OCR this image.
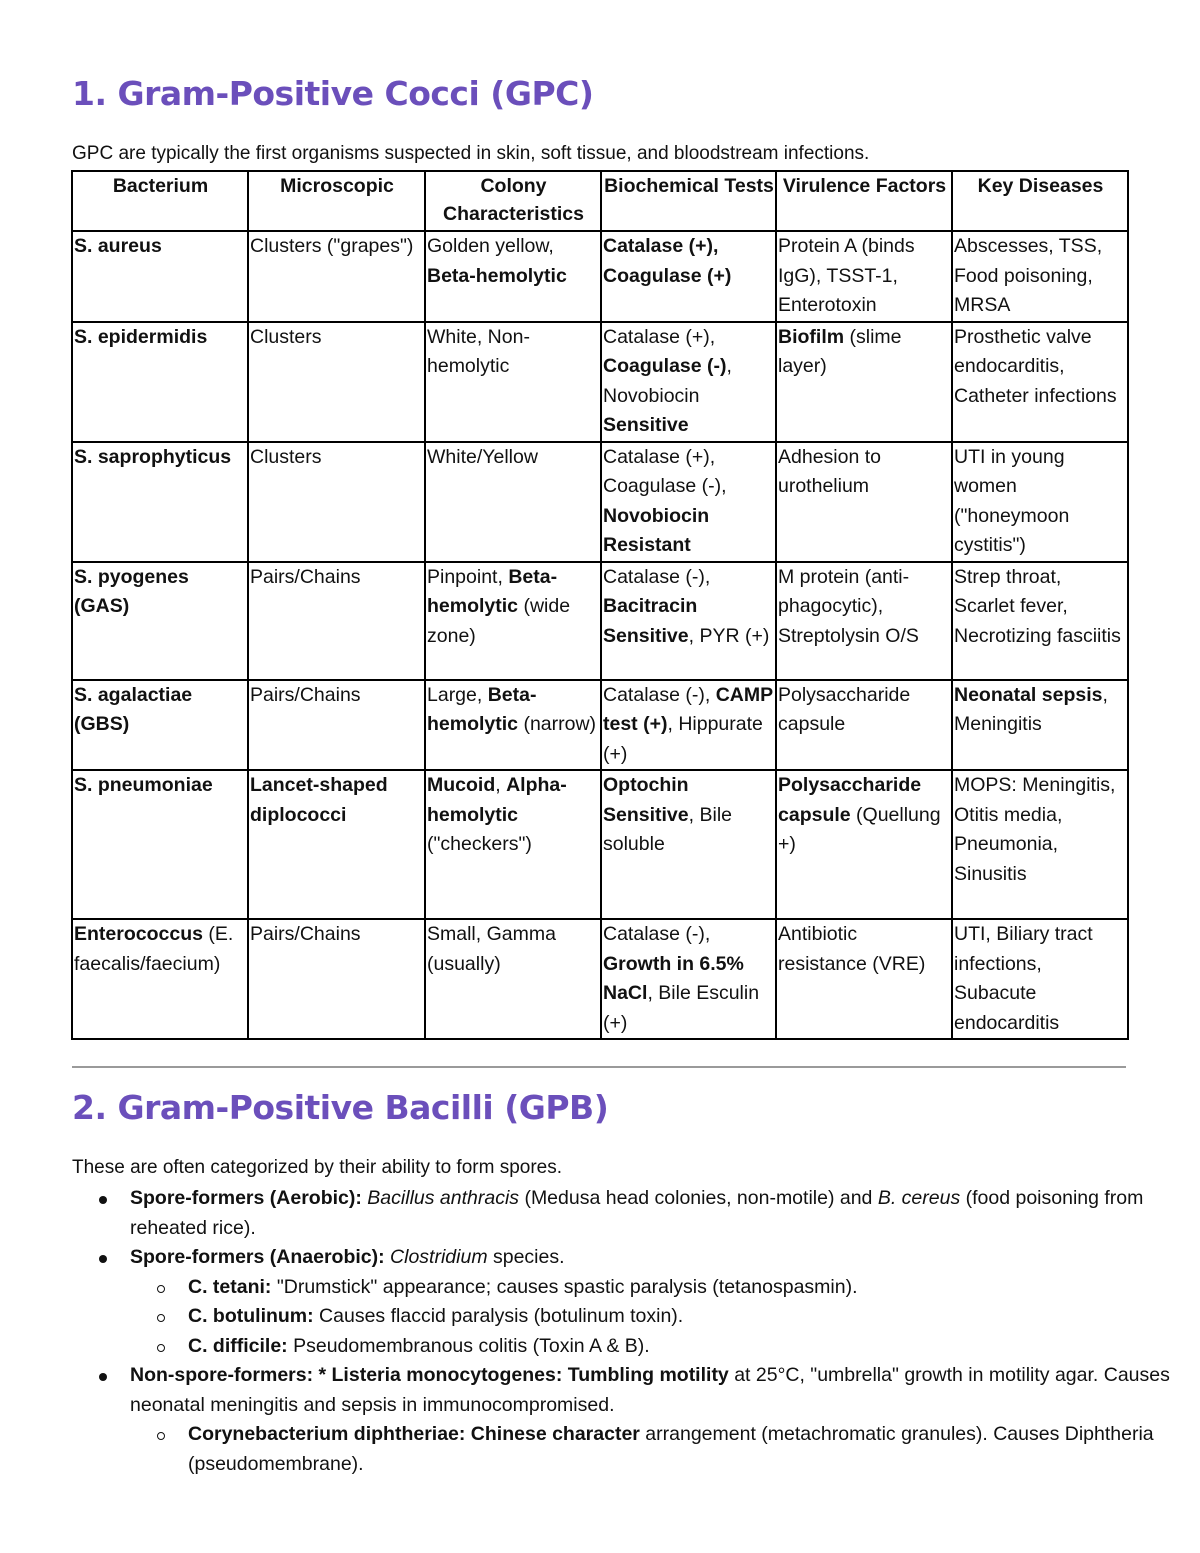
1. Gram-Positive Cocci (GPC)

GPC are typically the first organisms suspected in skin, soft tissue, and bloodstream infections.

Bacterium	Microscopic	Colony Characteristics	Biochemical Tests	Virulence Factors	Key Diseases
S. aureus	Clusters ("grapes")	Golden yellow, Beta-hemolytic	Catalase (+), Coagulase (+)	Protein A (binds IgG), TSST-1, Enterotoxin	Abscesses, TSS, Food poisoning, MRSA
S. epidermidis	Clusters	White, Non-hemolytic	Catalase (+), Coagulase (-), Novobiocin Sensitive	Biofilm (slime layer)	Prosthetic valve endocarditis, Catheter infections
S. saprophyticus	Clusters	White/Yellow	Catalase (+), Coagulase (-), Novobiocin Resistant	Adhesion to urothelium	UTI in young women ("honeymoon cystitis")
S. pyogenes (GAS)	Pairs/Chains	Pinpoint, Beta-hemolytic (wide zone)	Catalase (-), Bacitracin Sensitive, PYR (+)	M protein (anti-phagocytic), Streptolysin O/S	Strep throat, Scarlet fever, Necrotizing fasciitis
S. agalactiae (GBS)	Pairs/Chains	Large, Beta-hemolytic (narrow)	Catalase (-), CAMP test (+), Hippurate (+)	Polysaccharide capsule	Neonatal sepsis, Meningitis
S. pneumoniae	Lancet-shaped diplococci	Mucoid, Alpha-hemolytic ("checkers")	Optochin Sensitive, Bile soluble	Polysaccharide capsule (Quellung +)	MOPS: Meningitis, Otitis media, Pneumonia, Sinusitis
Enterococcus (E. faecalis/faecium)	Pairs/Chains	Small, Gamma (usually)	Catalase (-), Growth in 6.5% NaCl, Bile Esculin (+)	Antibiotic resistance (VRE)	UTI, Biliary tract infections, Subacute endocarditis
2. Gram-Positive Bacilli (GPB)

These are often categorized by their ability to form spores.

Spore-formers (Aerobic): Bacillus anthracis (Medusa head colonies, non-motile) and B. cereus (food poisoning from reheated rice).
Spore-formers (Anaerobic): Clostridium species.
C. tetani: "Drumstick" appearance; causes spastic paralysis (tetanospasmin).
C. botulinum: Causes flaccid paralysis (botulinum toxin).
C. difficile: Pseudomembranous colitis (Toxin A & B).
Non-spore-formers: * Listeria monocytogenes: Tumbling motility at 25°C, "umbrella" growth in motility agar. Causes neonatal meningitis and sepsis in immunocompromised.
Corynebacterium diphtheriae: Chinese character arrangement (metachromatic granules). Causes Diphtheria (pseudomembrane).
